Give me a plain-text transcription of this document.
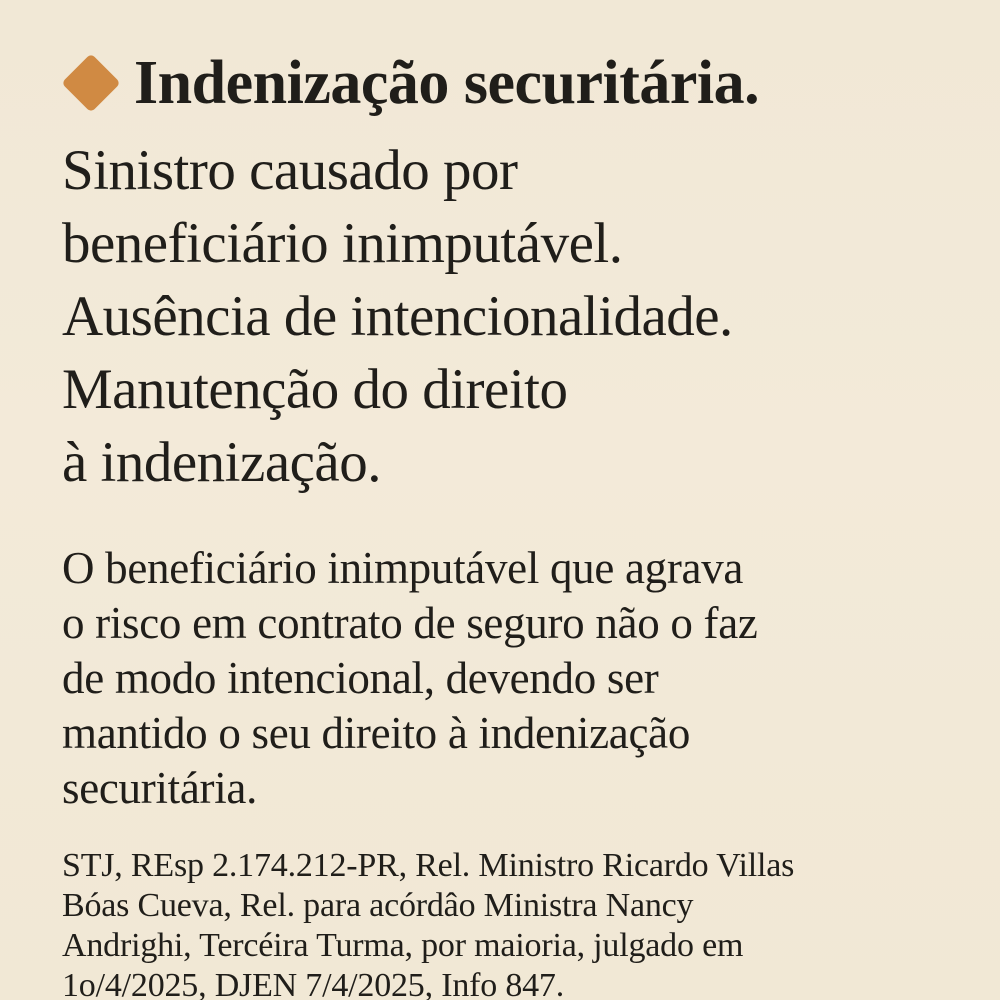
Indenização securitária.
Sinistro causado por
beneficiário inimputável.
Ausência de intencionalidade.
Manutenção do direito
à indenização.
O beneficiário inimputável que agrava
o risco em contrato de seguro não o faz
de modo intencional, devendo ser
mantido o seu direito à indenização
securitária.
STJ, REsp 2.174.212-PR, Rel. Ministro Ricardo Villas
Bóas Cueva, Rel. para acórdâo Ministra Nancy
Andrighi, Tercéira Turma, por maioria, julgado em
1o/4/2025, DJEN 7/4/2025, Info 847.
